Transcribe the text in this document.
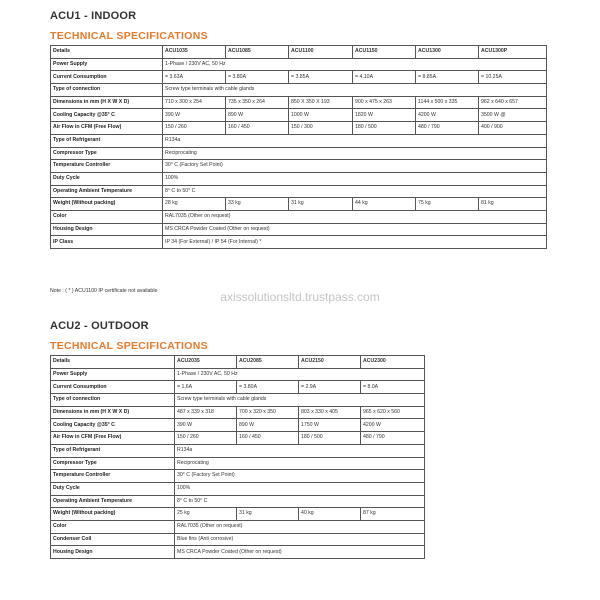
ACU1 - INDOOR
TECHNICAL SPECIFICATIONS
Details	ACU1035	ACU1085	ACU1100	ACU1150	ACU1300	ACU1300P
Power Supply	1-Phase / 230V AC, 50 Hz					
Current Consumption	= 3.63A	= 3.80A	= 3.85A	= 4.10A	= 8.85A	= 10.25A
Type of connection	Screw type terminals with cable glands					
Dimensions in mm (H X W X D)	710 x 300 x 254	735 x 350 x 264	850 X 350 X 193	900 x 475 x 263	1144 x 500 x 335	962 x 640 x 657
Cooling Capacity @35° C	390 W	890 W	1000 W	1820 W	4200 W	3500 W @
Air Flow in CFM (Free Flow)	150 / 260	160 / 450	150 / 300	180 / 500	480 / 790	400 / 900
Type of Refrigerant	R134a					
Compressor Type	Reciprocating					
Temperature Controller	30° C (Factory Set Point)					
Duty Cycle	100%					
Operating Ambient Temperature	8° C to 50° C					
Weight (Without packing)	28 kg	33 kg	31 kg	44 kg	75 kg	81 kg
Color	RAL7035 (Other on request)					
Housing Design	MS CRCA Powder Coated (Other on request)					
IP Class	IP 34 (For External) / IP 54 (For Internal) *					
Note : ( * ) ACU1100 IP certificate not available	axissolutionsltd.trustpass.com
ACU2 - OUTDOOR
TECHNICAL SPECIFICATIONS
Details	ACU2035	ACU2085	ACU2150	ACU2300
Power Supply	1-Phase / 230V AC, 50 Hz			
Current Consumption	= 1.6A	= 3.80A	= 2.9A	= 8.0A
Type of connection	Screw type terminals with cable glands			
Dimensions in mm (H X W X D)	487 x 339 x 318	700 x 320 x 350	803 x 330 x 405	965 x 620 x 560
Cooling Capacity @35° C	390 W	890 W	1750 W	4200 W
Air Flow in CFM (Free Flow)	150 / 260	160 / 450	180 / 500	480 / 790
Type of Refrigerant	R134a			
Compressor Type	Reciprocating			
Temperature Controller	30° C (Factory Set Point)			
Duty Cycle	100%			
Operating Ambient Temperature	8° C to 50° C			
Weight (Without packing)	25 kg	31 kg	40 kg	87 kg
Color	RAL7035 (Other on request)			
Condenser Coil	Blue fins (Anti corrosive)			
Housing Design	MS CRCA Powder Coated (Other on request)			
